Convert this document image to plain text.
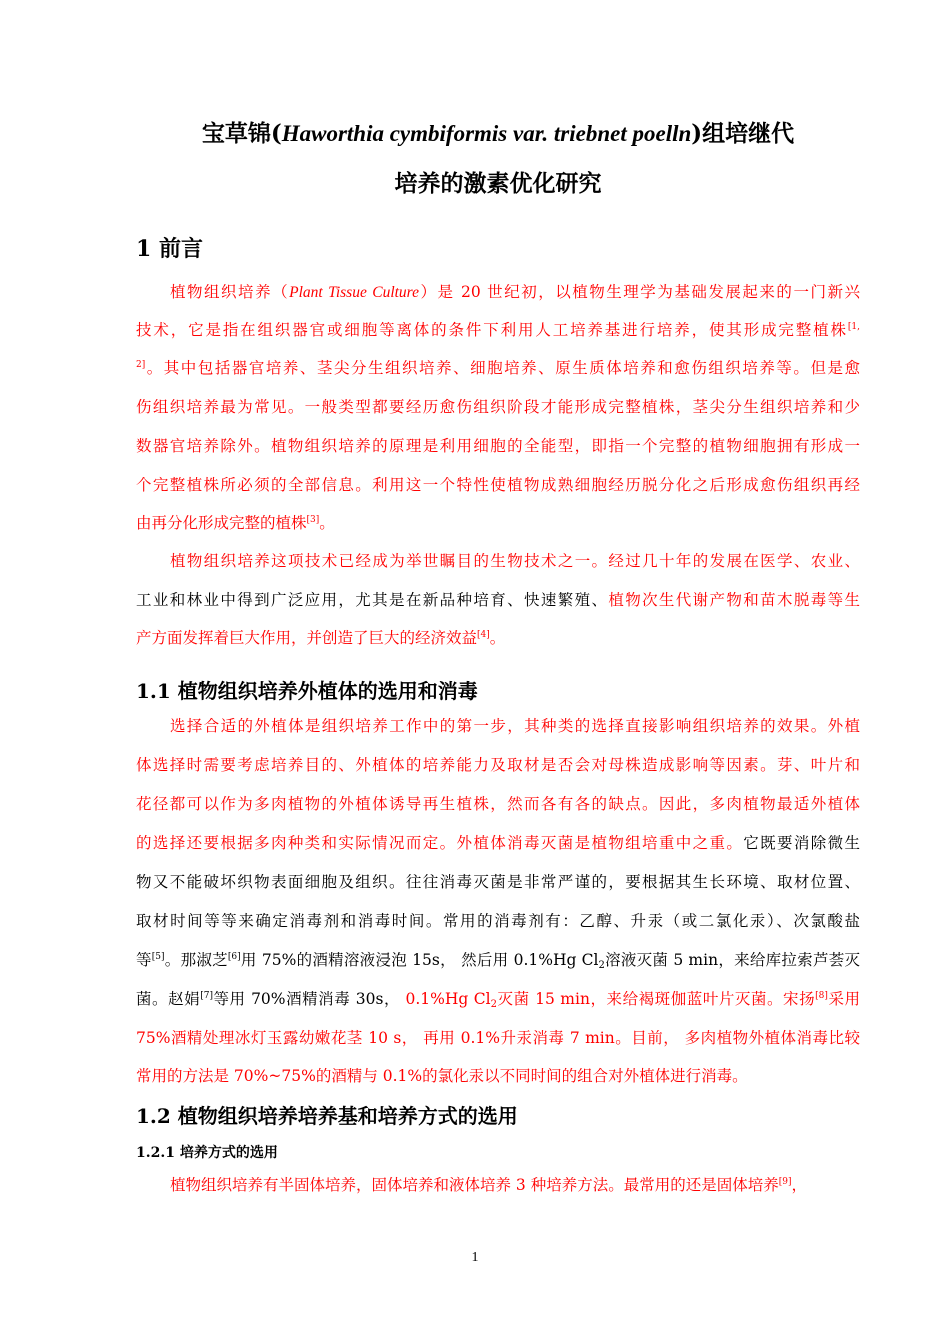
宝草锦(Haworthia cymbiformis var. triebnet poelln)组培继代
培养的激素优化研究
1 前言
植物组织培养（Plant Tissue Culture）是 20 世纪初，以植物生理学为基础发展起来的一门新兴
技术，它是指在组织器官或细胞等离体的条件下利用人工培养基进行培养，使其形成完整植株$^{[1,}$
$^{2]}$。其中包括器官培养、茎尖分生组织培养、细胞培养、原生质体培养和愈伤组织培养等。但是愈
伤组织培养最为常见。一般类型都要经历愈伤组织阶段才能形成完整植株，茎尖分生组织培养和少
数器官培养除外。植物组织培养的原理是利用细胞的全能型，即指一个完整的植物细胞拥有形成一
个完整植株所必须的全部信息。利用这一个特性使植物成熟细胞经历脱分化之后形成愈伤组织再经
由再分化形成完整的植株[3]。
植物组织培养这项技术已经成为举世瞩目的生物技术之一。经过几十年的发展在医学、农业、
工业和林业中得到广泛应用，尤其是在新品种培育、快速繁殖、植物次生代谢产物和苗木脱毒等生
产方面发挥着巨大作用，并创造了巨大的经济效益[4]。
1.1 植物组织培养外植体的选用和消毒
选择合适的外植体是组织培养工作中的第一步，其种类的选择直接影响组织培养的效果。外植
体选择时需要考虑培养目的、外植体的培养能力及取材是否会对母株造成影响等因素。芽、叶片和
花径都可以作为多肉植物的外植体诱导再生植株，然而各有各的缺点。因此，多肉植物最适外植体
的选择还要根据多肉种类和实际情况而定。外植体消毒灭菌是植物组培重中之重。它既要消除微生
物又不能破坏织物表面细胞及组织。往往消毒灭菌是非常严谨的，要根据其生长环境、取材位置、
取材时间等等来确定消毒剂和消毒时间。常用的消毒剂有：乙醇、升汞（或二氯化汞）、次氯酸盐
等[5]。那淑芝[6]用 75%的酒精溶液浸泡 15s， 然后用 0.1%Hg $Cl_2$溶液灭菌 5 min，来给库拉索芦荟灭
菌。赵娟[7]等用 70%酒精消毒 30s， 0.1%Hg $Cl_2$灭菌 15 min，来给褐斑伽蓝叶片灭菌。宋扬[8]采用
75%酒精处理冰灯玉露幼嫩花茎 10 s， 再用 0.1%升汞消毒 7 min。目前， 多肉植物外植体消毒比较
常用的方法是 70%~75%的酒精与 0.1%的氯化汞以不同时间的组合对外植体进行消毒。
1.2 植物组织培养培养基和培养方式的选用
1.2.1 培养方式的选用
植物组织培养有半固体培养，固体培养和液体培养 3 种培养方法。最常用的还是固体培养[9]，
1
